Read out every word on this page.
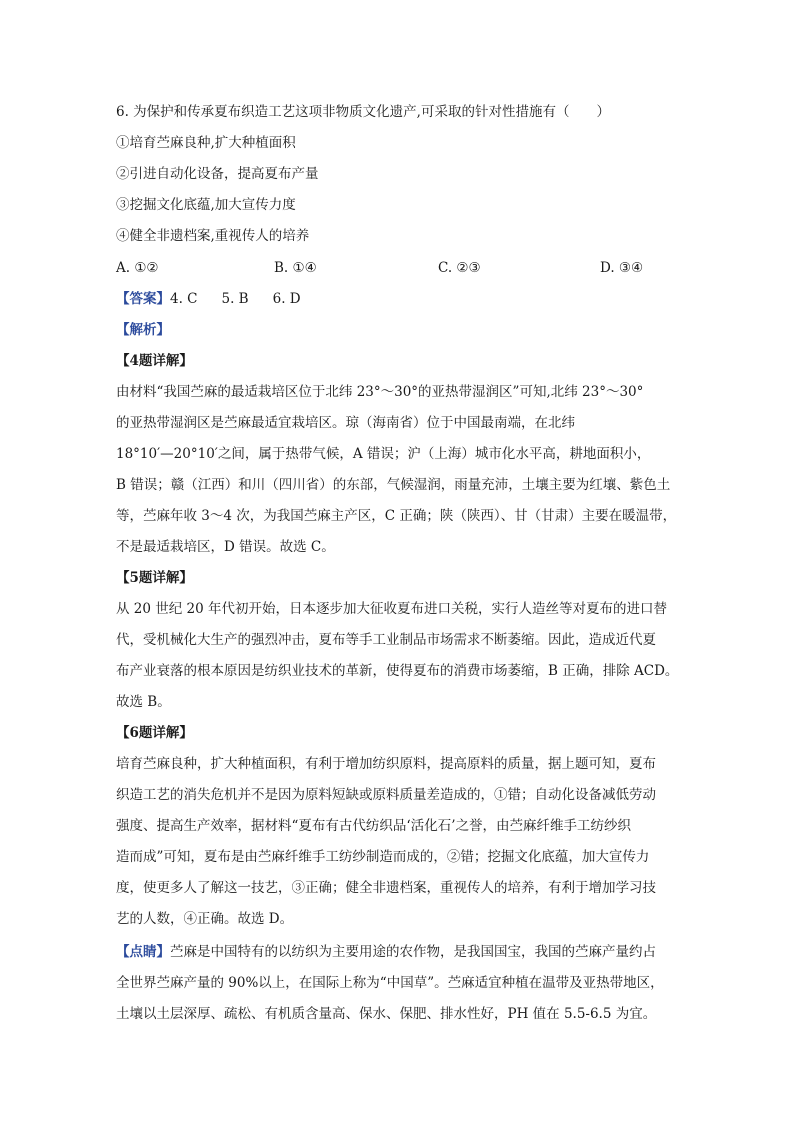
6. 为保护和传承夏布织造工艺这项非物质文化遗产,可采取的针对性措施有（　　）
①培育苎麻良种,扩大种植面积
②引进自动化设备，提高夏布产量
③挖掘文化底蕴,加大宣传力度
④健全非遗档案,重视传人的培养
A. ①②	B. ①④	C. ②③	D. ③④
【答案】4. C 5. B 6. D
【解析】
【4题详解】
由材料“我国苎麻的最适栽培区位于北纬 23°～30°的亚热带湿润区”可知,北纬 23°～30°
的亚热带湿润区是苎麻最适宜栽培区。琼（海南省）位于中国最南端，在北纬
18°10′—20°10′之间，属于热带气候，A 错误；沪（上海）城市化水平高，耕地面积小，
B 错误；赣（江西）和川（四川省）的东部，气候湿润，雨量充沛，土壤主要为红壤、紫色土
等，苎麻年收 3～4 次，为我国苎麻主产区，C 正确；陕（陕西）、甘（甘肃）主要在暖温带，
不是最适栽培区，D 错误。故选 C。
【5题详解】
从 20 世纪 20 年代初开始，日本逐步加大征收夏布进口关税，实行人造丝等对夏布的进口替
代，受机械化大生产的强烈冲击，夏布等手工业制品市场需求不断萎缩。因此，造成近代夏
布产业衰落的根本原因是纺织业技术的革新，使得夏布的消费市场萎缩，B 正确，排除 ACD。
故选 B。
【6题详解】
培育苎麻良种，扩大种植面积，有利于增加纺织原料，提高原料的质量，据上题可知，夏布
织造工艺的消失危机并不是因为原料短缺或原料质量差造成的，①错；自动化设备减低劳动
强度、提高生产效率，据材料“夏布有古代纺织品‘活化石’之誉，由苎麻纤维手工纺纱织
造而成”可知，夏布是由苎麻纤维手工纺纱制造而成的，②错；挖掘文化底蕴，加大宣传力
度，使更多人了解这一技艺，③正确；健全非遗档案，重视传人的培养，有利于增加学习技
艺的人数，④正确。故选 D。
【点睛】苎麻是中国特有的以纺织为主要用途的农作物，是我国国宝，我国的苎麻产量约占
全世界苎麻产量的 90%以上，在国际上称为“中国草”。苎麻适宜种植在温带及亚热带地区，
土壤以土层深厚、疏松、有机质含量高、保水、保肥、排水性好，PH 值在 5.5-6.5 为宜。
